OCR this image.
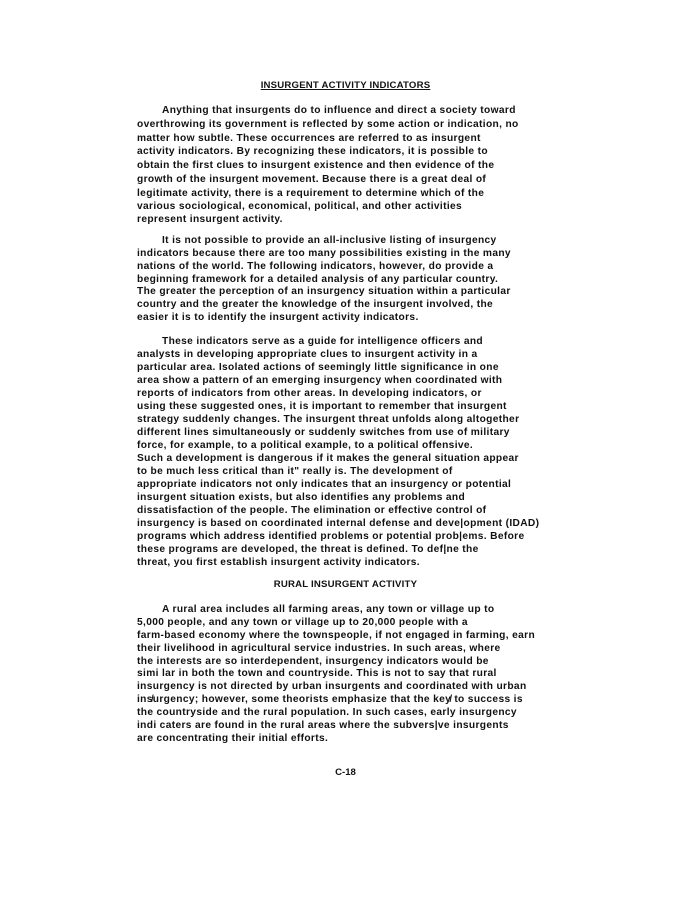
INSURGENT ACTIVITY INDICATORS
Anything that insurgents do to influence and direct a society toward
overthrowing its government is reflected by some action or indication, no
matter how subtle. These occurrences are referred to as insurgent
activity indicators. By recognizing these indicators, it is possible to
obtain the first clues to insurgent existence and then evidence of the
growth of the insurgent movement. Because there is a great deal of
legitimate activity, there is a requirement to determine which of the
various sociological, economical, political, and other activities
represent insurgent activity.
It is not possible to provide an all-inclusive listing of insurgency
indicators because there are too many possibilities existing in the many
nations of the world. The following indicators, however, do provide a
beginning framework for a detailed analysis of any particular country.
The greater the perception of an insurgency situation within a particular
country and the greater the knowledge of the insurgent involved, the
easier it is to identify the insurgent activity indicators.
These indicators serve as a guide for intelligence officers and
analysts in developing appropriate clues to insurgent activity in a
particular area. Isolated actions of seemingly little significance in one
area show a pattern of an emerging insurgency when coordinated with
reports of indicators from other areas. In developing indicators, or
using these suggested ones, it is important to remember that insurgent
strategy suddenly changes. The insurgent threat unfolds along altogether
different lines simultaneously or suddenly switches from use of military
force, for example, to a political example, to a political offensive.
Such a development is dangerous if it makes the general situation appear
to be much less critical than it" really is. The development of
appropriate indicators not only indicates that an insurgency or potential
insurgent situation exists, but also identifies any problems and
dissatisfaction of the people. The elimination or effective control of
insurgency is based on coordinated internal defense and deve|opment (IDAD)
programs which address identified problems or potential prob|ems. Before
these programs are developed, the threat is defined. To def|ne the
threat, you first establish insurgent activity indicators.
RURAL INSURGENT ACTIVITY
A rural area includes all farming areas, any town or village up to
5,000 people, and any town or village up to 20,000 people with a
farm-based economy where the townspeople, if not engaged in farming, earn
their livelihood in agricultural service industries. In such areas, where
the interests are so interdependent, insurgency indicators would be
simi lar in both the town and countryside. This is not to say that rural
insurgency is not directed by urban insurgents and coordinated with urban
ins̸urgency; however, some theorists emphasize that the key̸ to success is
the countryside and the rural population. In such cases, early insurgency
indi caters are found in the rural areas where the subvers|ve insurgents
are concentrating their initial efforts.
C-18
